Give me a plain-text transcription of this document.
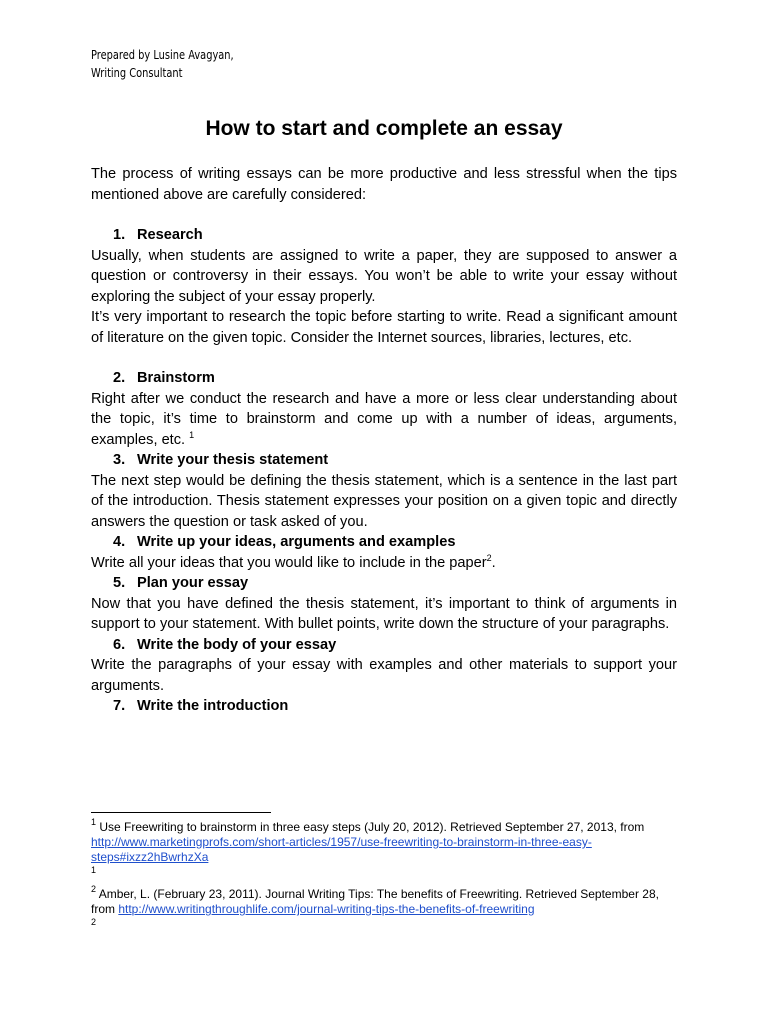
Prepared by Lusine Avagyan,
Writing Consultant
How to start and complete an essay

The process of writing essays can be more productive and less stressful when the tips mentioned above are carefully considered:

1. Research

Usually, when students are assigned to write a paper, they are supposed to answer a question or controversy in their essays. You won’t be able to write your essay without exploring the subject of your essay properly.

It’s very important to research the topic before starting to write. Read a significant amount of literature on the given topic. Consider the Internet sources, libraries, lectures, etc.

2. Brainstorm

Right after we conduct the research and have a more or less clear understanding about the topic, it’s time to brainstorm and come up with a number of ideas, arguments, examples, etc. $^1$

3. Write your thesis statement

The next step would be defining the thesis statement, which is a sentence in the last part of the introduction. Thesis statement expresses your position on a given topic and directly answers the question or task asked of you.

4. Write up your ideas, arguments and examples

Write all your ideas that you would like to include in the paper$^2$.

5. Plan your essay

Now that you have defined the thesis statement, it’s important to think of arguments in support to your statement. With bullet points, write down the structure of your paragraphs.

6. Write the body of your essay

Write the paragraphs of your essay with examples and other materials to support your arguments.

7. Write the introduction

$^1$ Use Freewriting to brainstorm in three easy steps (July 20, 2012). Retrieved September 27, 2013, from http://www.marketingprofs.com/short-articles/1957/use-freewriting-to-brainstorm-in-three-easy-steps#ixzz2hBwrhzXa

1

$^2$ Amber, L. (February 23, 2011). Journal Writing Tips: The benefits of Freewriting. Retrieved September 28, from http://www.writingthroughlife.com/journal-writing-tips-the-benefits-of-freewriting

2
